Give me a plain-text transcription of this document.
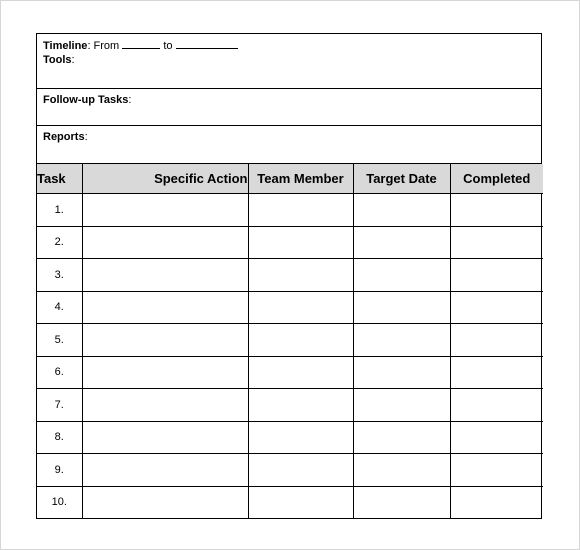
Timeline: From	to
Tools:
Follow-up Tasks:
Reports:
Task	Specific Action	Team Member	Target Date	Completed
1.				
2.				
3.				
4.				
5.				
6.				
7.				
8.				
9.				
10.				
